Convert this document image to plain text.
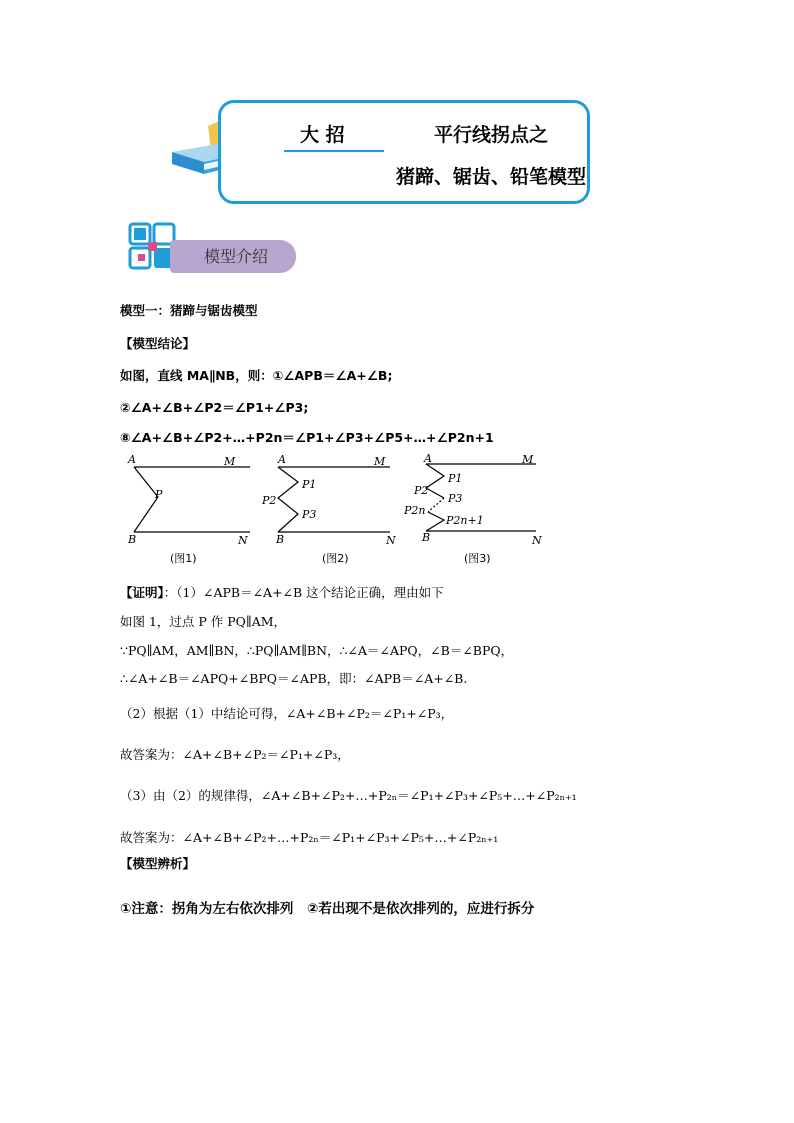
大 招	平行线拐点之
猪蹄、锯齿、铅笔模型
模型介绍
模型一：猪蹄与锯齿模型
【模型结论】
如图，直线 MA∥NB，则：①∠APB＝∠A+∠B;
②∠A+∠B+∠P2＝∠P1+∠P3;
⑧∠A+∠B+∠P2+…+P2n＝∠P1+∠P3+∠P5+…+∠P2n+1
A	M
P
B	N
(图1)
A	M
P1
P2
P3
B	N
(图2)
A	M
P1
P2
P3
P2n
P2n+1
B	N
(图3)
【证明】：（1）∠APB＝∠A+∠B 这个结论正确，理由如下
如图 1，过点 P 作 PQ∥AM，
∵PQ∥AM，AM∥BN，∴PQ∥AM∥BN，∴∠A＝∠APQ，∠B＝∠BPQ，
∴∠A+∠B＝∠APQ+∠BPQ＝∠APB，即：∠APB＝∠A+∠B.
（2）根据（1）中结论可得，∠A+∠B+∠P₂＝∠P₁+∠P₃，
故答案为：∠A+∠B+∠P₂＝∠P₁+∠P₃，
（3）由（2）的规律得，∠A+∠B+∠P₂+…+P₂ₙ＝∠P₁+∠P₃+∠P₅+…+∠P₂ₙ₊₁
故答案为：∠A+∠B+∠P₂+…+P₂ₙ＝∠P₁+∠P₃+∠P₅+…+∠P₂ₙ₊₁
【模型辨析】
①注意：拐角为左右依次排列　②若出现不是依次排列的，应进行拆分
